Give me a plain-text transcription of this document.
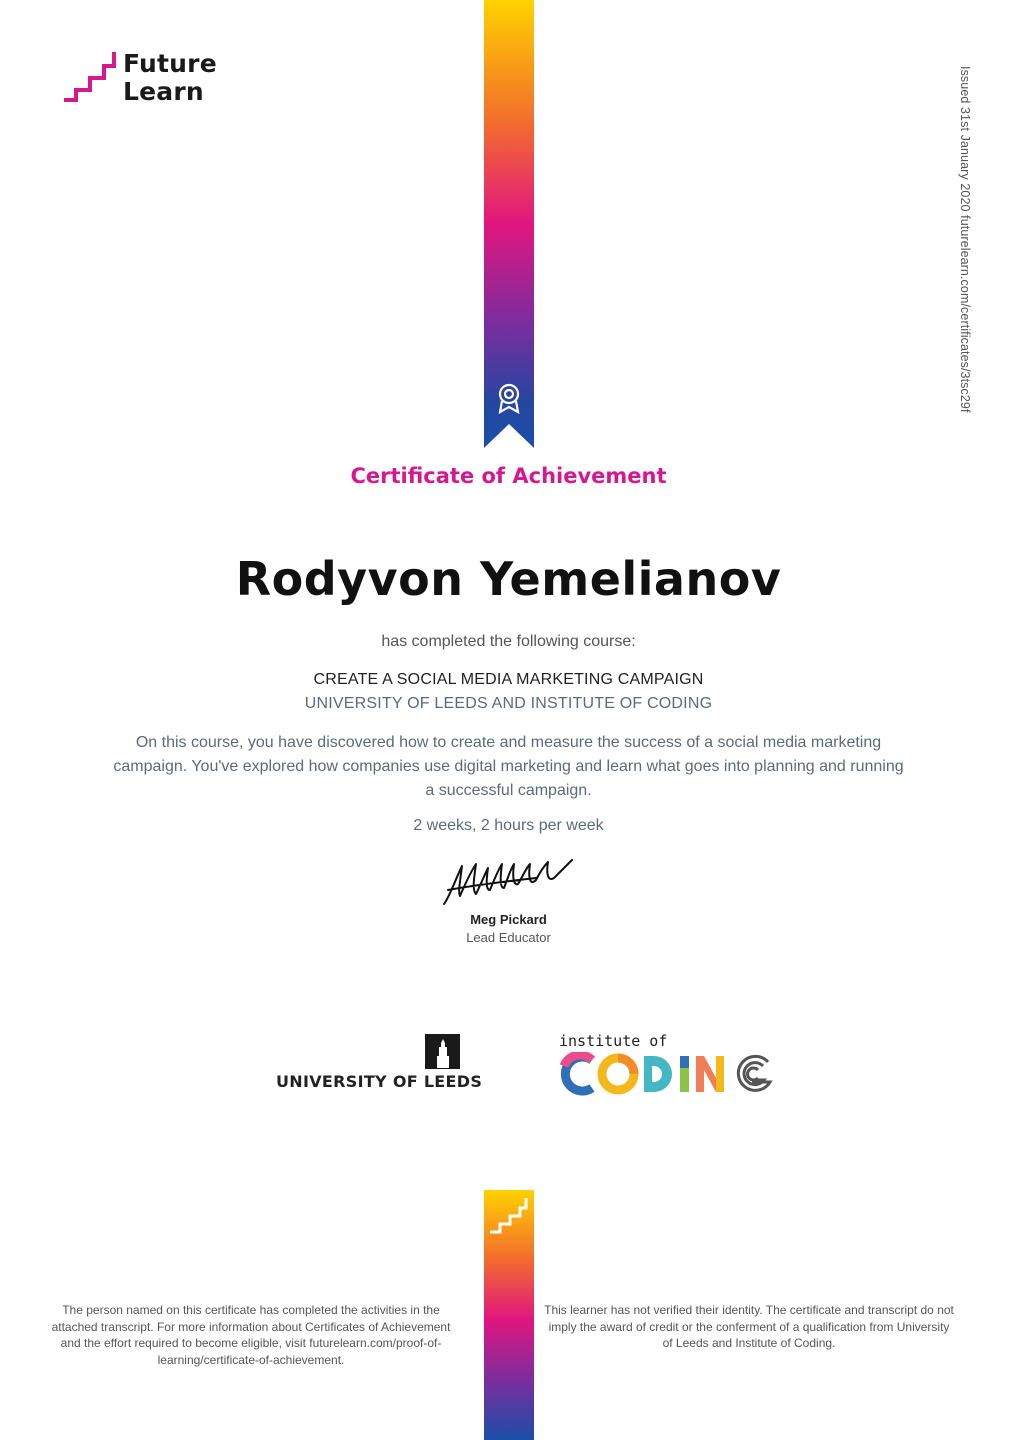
Future
Learn	Issued 31st January 2020 futurelearn.com/certificates/3tsc29f
Certificate of Achievement
Rodyvon Yemelianov
has completed the following course:
CREATE A SOCIAL MEDIA MARKETING CAMPAIGN
UNIVERSITY OF LEEDS AND INSTITUTE OF CODING
On this course, you have discovered how to create and measure the success of a social media marketing campaign. You've explored how companies use digital marketing and learn what goes into planning and running a successful campaign.
2 weeks, 2 hours per week
Meg Pickard
Lead Educator
UNIVERSITY OF LEEDS
institute of
The person named on this certificate has completed the activities in the attached transcript. For more information about Certificates of Achievement and the effort required to become eligible, visit futurelearn.com/proof-of-learning/certificate-of-achievement.
This learner has not verified their identity. The certificate and transcript do not imply the award of credit or the conferment of a qualification from University of Leeds and Institute of Coding.
